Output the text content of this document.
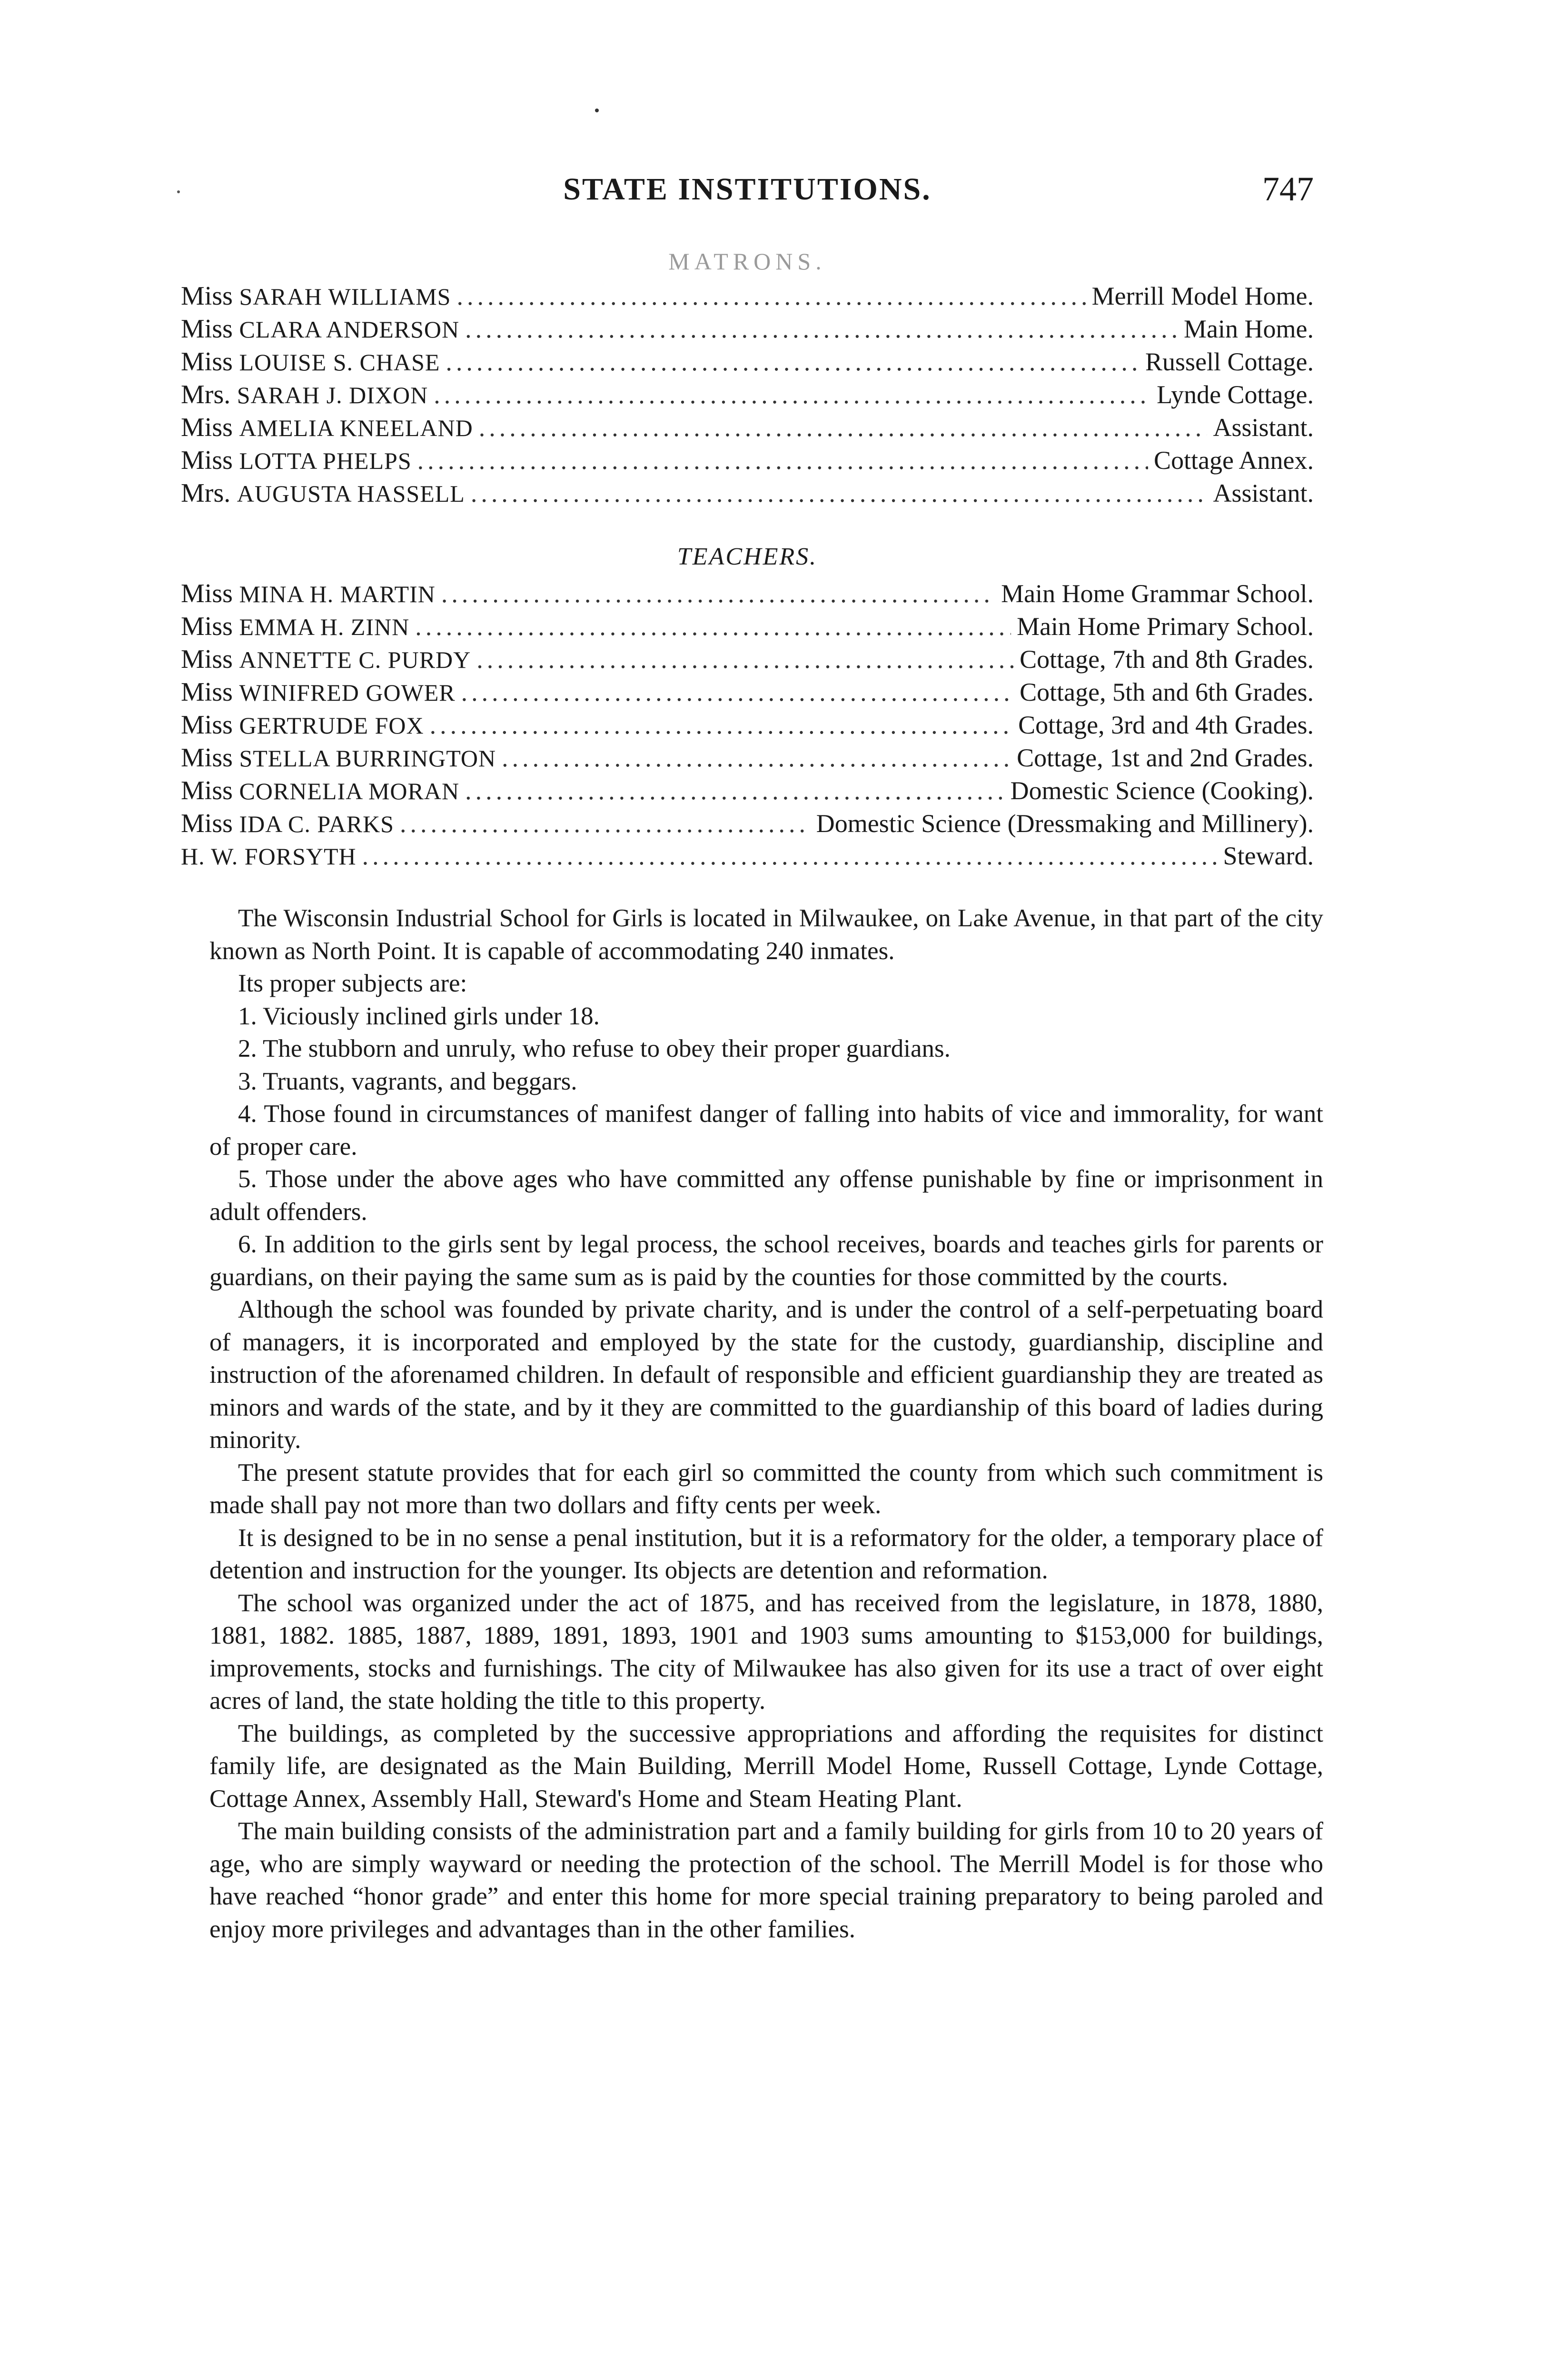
STATE INSTITUTIONS.	747
MATRONS.
Miss SARAH WILLIAMS .....	Merrill Model Home.
Miss CLARA ANDERSON .....	Main Home.
Miss LOUISE S. CHASE .....	Russell Cottage.
Mrs. SARAH J. DIXON .....	Lynde Cottage.
Miss AMELIA KNEELAND .....	Assistant.
Miss LOTTA PHELPS .....	Cottage Annex.
Mrs. AUGUSTA HASSELL .....	Assistant.
TEACHERS.
Miss MINA H. MARTIN .....	Main Home Grammar School.
Miss EMMA H. ZINN .....	Main Home Primary School.
Miss ANNETTE C. PURDY .....	Cottage, 7th and 8th Grades.
Miss WINIFRED GOWER .....	Cottage, 5th and 6th Grades.
Miss GERTRUDE FOX .....	Cottage, 3rd and 4th Grades.
Miss STELLA BURRINGTON .....	Cottage, 1st and 2nd Grades.
Miss CORNELIA MORAN .....	Domestic Science (Cooking).
Miss IDA C. PARKS .....	Domestic Science (Dressmaking and Millinery).
H. W. FORSYTH .....	Steward.

The Wisconsin Industrial School for Girls is located in Milwaukee, on Lake Avenue, in that part of the city known as North Point. It is capable of accommodating 240 inmates.

Its proper subjects are:

1. Viciously inclined girls under 18.

2. The stubborn and unruly, who refuse to obey their proper guardians.

3. Truants, vagrants, and beggars.

4. Those found in circumstances of manifest danger of falling into habits of vice and immorality, for want of proper care.

5. Those under the above ages who have committed any offense punishable by fine or imprisonment in adult offenders.

6. In addition to the girls sent by legal process, the school receives, boards and teaches girls for parents or guardians, on their paying the same sum as is paid by the counties for those committed by the courts.

Although the school was founded by private charity, and is under the control of a self-perpetuating board of managers, it is incorporated and employed by the state for the custody, guardianship, discipline and instruction of the aforenamed children. In default of responsible and efficient guardianship they are treated as minors and wards of the state, and by it they are committed to the guardianship of this board of ladies during minority.

The present statute provides that for each girl so committed the county from which such commitment is made shall pay not more than two dollars and fifty cents per week.

It is designed to be in no sense a penal institution, but it is a reformatory for the older, a temporary place of detention and instruction for the younger. Its objects are detention and reformation.

The school was organized under the act of 1875, and has received from the legislature, in 1878, 1880, 1881, 1882. 1885, 1887, 1889, 1891, 1893, 1901 and 1903 sums amounting to $153,000 for buildings, improvements, stocks and furnishings. The city of Milwaukee has also given for its use a tract of over eight acres of land, the state holding the title to this property.

The buildings, as completed by the successive appropriations and affording the requisites for distinct family life, are designated as the Main Building, Merrill Model Home, Russell Cottage, Lynde Cottage, Cottage Annex, Assembly Hall, Steward's Home and Steam Heating Plant.

The main building consists of the administration part and a family building for girls from 10 to 20 years of age, who are simply wayward or needing the protection of the school. The Merrill Model is for those who have reached “honor grade” and enter this home for more special training preparatory to being paroled and enjoy more privileges and advantages than in the other families.
